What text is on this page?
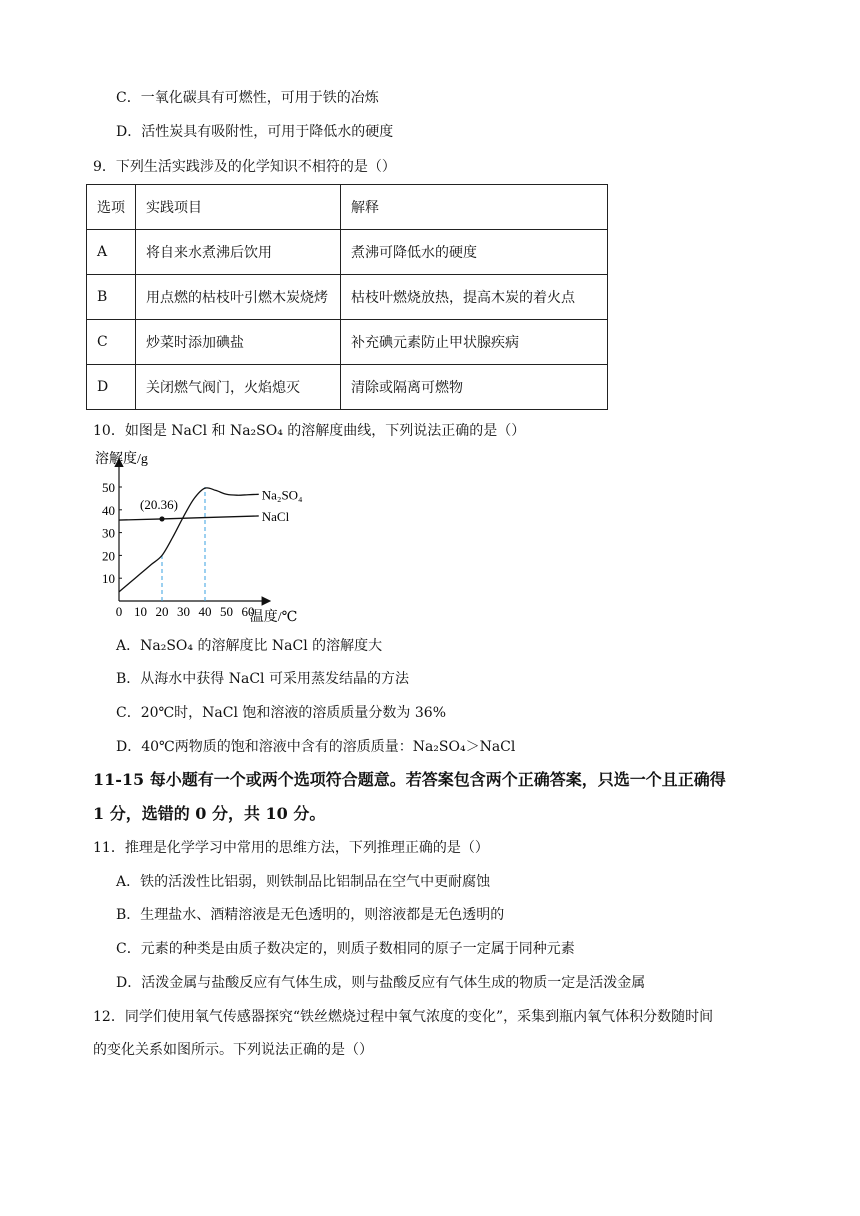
C．一氧化碳具有可燃性，可用于铁的冶炼
D．活性炭具有吸附性，可用于降低水的硬度
9．下列生活实践涉及的化学知识不相符的是（）
选项	实践项目	解释
A	将自来水煮沸后饮用	煮沸可降低水的硬度
B	用点燃的枯枝叶引燃木炭烧烤	枯枝叶燃烧放热，提高木炭的着火点
C	炒菜时添加碘盐	补充碘元素防止甲状腺疾病
D	关闭燃气阀门，火焰熄灭	清除或隔离可燃物
10．如图是 NaCl 和 Na₂SO₄ 的溶解度曲线，下列说法正确的是（）
溶解度/g
温度/℃
0 10 20 30 40 50 60
10
20
30
40
50
NaCl
Na₂SO₄
(20.36)
A．Na₂SO₄ 的溶解度比 NaCl 的溶解度大
B．从海水中获得 NaCl 可采用蒸发结晶的方法
C．20℃时，NaCl 饱和溶液的溶质质量分数为 36%
D．40℃两物质的饱和溶液中含有的溶质质量：Na₂SO₄＞NaCl
11-15 每小题有一个或两个选项符合题意。若答案包含两个正确答案，只选一个且正确得
1 分，选错的 0 分，共 10 分。
11．推理是化学学习中常用的思维方法，下列推理正确的是（）
A．铁的活泼性比铝弱，则铁制品比铝制品在空气中更耐腐蚀
B．生理盐水、酒精溶液是无色透明的，则溶液都是无色透明的
C．元素的种类是由质子数决定的，则质子数相同的原子一定属于同种元素
D．活泼金属与盐酸反应有气体生成，则与盐酸反应有气体生成的物质一定是活泼金属
12．同学们使用氧气传感器探究“铁丝燃烧过程中氧气浓度的变化”，采集到瓶内氧气体积分数随时间
的变化关系如图所示。下列说法正确的是（）
